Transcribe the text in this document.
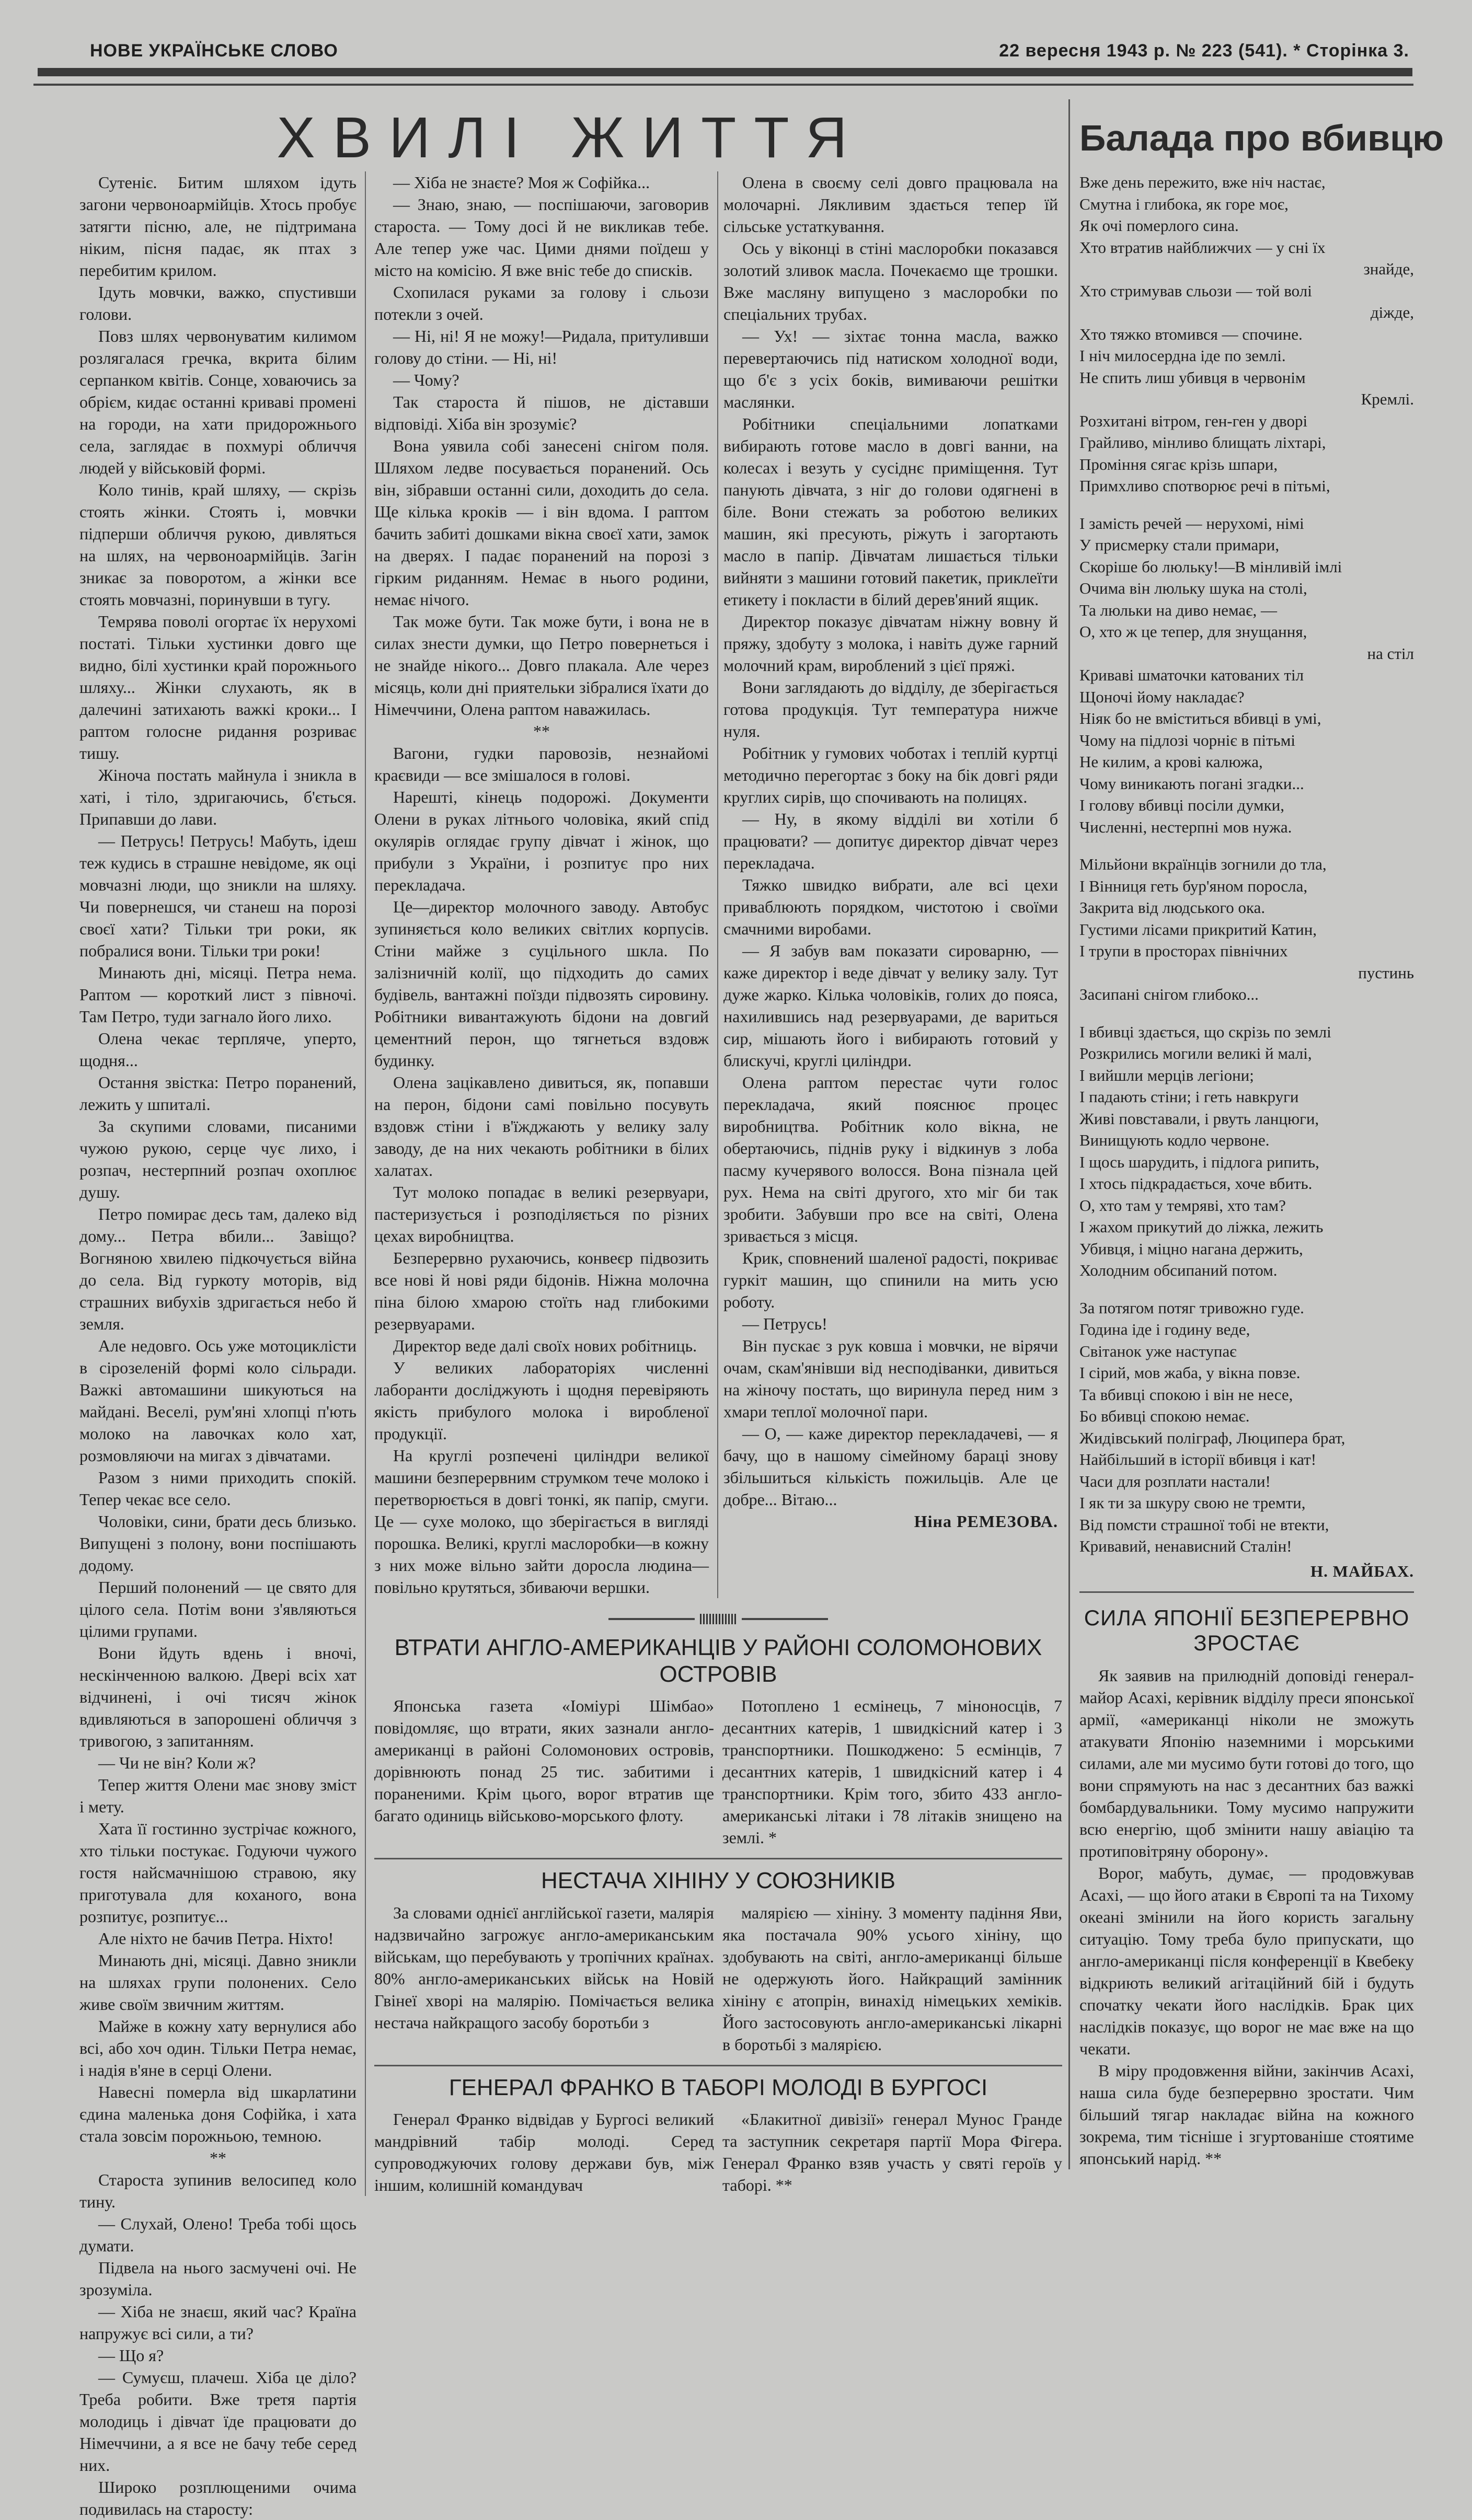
НОВЕ УКРАЇНСЬКЕ СЛОВО	22 вересня 1943 р. № 223 (541). * Сторінка 3.
ХВИЛІ ЖИТТЯ

Сутеніє. Битим шляхом ідуть загони червоноармійців. Хтось пробує затягти пісню, але, не підтримана ніким, пісня падає, як птах з перебитим крилом.

Ідуть мовчки, важко, спустивши голови.

Повз шлях червонуватим килимом розлягалася гречка, вкрита білим серпанком квітів. Сонце, ховаючись за обрієм, кидає останні криваві промені на городи, на хати придорожнього села, заглядає в похмурі обличчя людей у військовій формі.

Коло тинів, край шляху, — скрізь стоять жінки. Стоять і, мовчки підперши обличчя рукою, дивляться на шлях, на червоноармійців. Загін зникає за поворотом, а жінки все стоять мовчазні, поринувши в тугу.

Темрява поволі огортає їх нерухомі постаті. Тільки хустинки довго ще видно, білі хустинки край порожнього шляху... Жінки слухають, як в далечині затихають важкі кроки... І раптом голосне ридання розриває тишу.

Жіноча постать майнула і зникла в хаті, і тіло, здригаючись, б'ється. Припавши до лави.

— Петрусь! Петрусь! Мабуть, ідеш теж кудись в страшне невідоме, як оці мовчазні люди, що зникли на шляху. Чи повернешся, чи станеш на порозі своєї хати? Тільки три роки, як побралися вони. Тільки три роки!

Минають дні, місяці. Петра нема. Раптом — короткий лист з півночі. Там Петро, туди загнало його лихо.

Олена чекає терпляче, уперто, щодня...

Остання звістка: Петро поранений, лежить у шпиталі.

За скупими словами, писаними чужою рукою, серце чує лихо, і розпач, нестерпний розпач охоплює душу.

Петро помирає десь там, далеко від дому... Петра вбили... Завіщо? Вогняною хвилею підкочується війна до села. Від гуркоту моторів, від страшних вибухів здригається небо й земля.

Але недовго. Ось уже мотоциклісти в сірозеленій формі коло сільради. Важкі автомашини шикуються на майдані. Веселі, рум'яні хлопці п'ють молоко на лавочках коло хат, розмовляючи на мигах з дівчатами.

Разом з ними приходить спокій. Тепер чекає все село.

Чоловіки, сини, брати десь близько. Випущені з полону, вони поспішають додому.

Перший полонений — це свято для цілого села. Потім вони з'являються цілими групами.

Вони йдуть вдень і вночі, нескінченною валкою. Двері всіх хат відчинені, і очі тисяч жінок вдивляються в запорошені обличчя з тривогою, з запитанням.

— Чи не він? Коли ж?

Тепер життя Олени має знову зміст і мету.

Хата її гостинно зустрічає кожного, хто тільки постукає. Годуючи чужого гостя найсмачнішою стравою, яку приготувала для коханого, вона розпитує, розпитує...

Але ніхто не бачив Петра. Ніхто!

Минають дні, місяці. Давно зникли на шляхах групи полонених. Село живе своїм звичним життям.

Майже в кожну хату вернулися або всі, або хоч один. Тільки Петра немає, і надія в'яне в серці Олени.

Навесні померла від шкарлатини єдина маленька доня Софійка, і хата стала зовсім порожньою, темною.

**

Староста зупинив велосипед коло тину.

— Слухай, Олено! Треба тобі щось думати.

Підвела на нього засмучені очі. Не зрозуміла.

— Хіба не знаєш, який час? Країна напружує всі сили, а ти?

— Що я?

— Сумуєш, плачеш. Хіба це діло? Треба робити. Вже третя партія молодиць і дівчат їде працювати до Німеччини, а я все не бачу тебе серед них.

Широко розплющеними очима подивилась на старосту:

— Хіба не знаєте? Моя ж Софійка...

— Знаю, знаю, — поспішаючи, заговорив староста. — Тому досі й не викликав тебе. Але тепер уже час. Цими днями поїдеш у місто на комісію. Я вже вніс тебе до списків.

Схопилася руками за голову і сльози потекли з очей.

— Ні, ні! Я не можу!—Ридала, притуливши голову до стіни. — Ні, ні!

— Чому?

Так староста й пішов, не діставши відповіді. Хіба він зрозуміє?

Вона уявила собі занесені снігом поля. Шляхом ледве посувається поранений. Ось він, зібравши останні сили, доходить до села. Ще кілька кроків — і він вдома. І раптом бачить забиті дошками вікна своєї хати, замок на дверях. І падає поранений на порозі з гірким риданням. Немає в нього родини, немає нічого.

Так може бути. Так може бути, і вона не в силах знести думки, що Петро повернеться і не знайде нікого... Довго плакала. Але через місяць, коли дні приятельки зібралися їхати до Німеччини, Олена раптом наважилась.

**

Вагони, гудки паровозів, незнайомі краєвиди — все змішалося в голові.

Нарешті, кінець подорожі. Документи Олени в руках літнього чоловіка, який спід окулярів оглядає групу дівчат і жінок, що прибули з України, і розпитує про них перекладача.

Це—директор молочного заводу. Автобус зупиняється коло великих світлих корпусів. Стіни майже з суцільного шкла. По залізничній колії, що підходить до самих будівель, вантажні поїзди підвозять сировину. Робітники вивантажують бідони на довгий цементний перон, що тягнеться вздовж будинку.

Олена зацікавлено дивиться, як, попавши на перон, бідони самі повільно посувуть вздовж стіни і в'їжджають у велику залу заводу, де на них чекають робітники в білих халатах.

Тут молоко попадає в великі резервуари, пастеризується і розподіляється по різних цехах виробництва.

Безперервно рухаючись, конвеєр підвозить все нові й нові ряди бідонів. Ніжна молочна піна білою хмарою стоїть над глибокими резервуарами.

Директор веде далі своїх нових робітниць.

У великих лабораторіях численні лаборанти досліджують і щодня перевіряють якість прибулого молока і виробленої продукції.

На круглі розпечені циліндри великої машини безперервним струмком тече молоко і перетворюється в довгі тонкі, як папір, смуги. Це — сухе молоко, що зберігається в вигляді порошка. Великі, круглі маслоробки—в кожну з них може вільно зайти доросла людина—повільно крутяться, збиваючи вершки.

Олена в своєму селі довго працювала на молочарні. Лякливим здається тепер їй сільське устаткування.

Ось у віконці в стіні маслоробки показався золотий зливок масла. Почекаємо ще трошки. Вже масляну випущено з маслоробки по спеціальних трубах.

— Ух! — зіхтає тонна масла, важко перевертаючись під натиском холодної води, що б'є з усіх боків, вимиваючи решітки маслянки.

Робітники спеціальними лопатками вибирають готове масло в довгі ванни, на колесах і везуть у сусіднє приміщення. Тут панують дівчата, з ніг до голови одягнені в біле. Вони стежать за роботою великих машин, які пресують, ріжуть і загортають масло в папір. Дівчатам лишається тільки вийняти з машини готовий пакетик, приклеїти етикету і покласти в білий дерев'яний ящик.

Директор показує дівчатам ніжну вовну й пряжу, здобуту з молока, і навіть дуже гарний молочний крам, вироблений з цієї пряжі.

Вони заглядають до відділу, де зберігається готова продукція. Тут температура нижче нуля.

Робітник у гумових чоботах і теплій куртці методично перегортає з боку на бік довгі ряди круглих сирів, що спочивають на полицях.

— Ну, в якому відділі ви хотіли б працювати? — допитує директор дівчат через перекладача.

Тяжко швидко вибрати, але всі цехи приваблюють порядком, чистотою і своїми смачними виробами.

— Я забув вам показати сироварню, — каже директор і веде дівчат у велику залу. Тут дуже жарко. Кілька чоловіків, голих до пояса, нахилившись над резервуарами, де вариться сир, мішають його і вибирають готовий у блискучі, круглі циліндри.

Олена раптом перестає чути голос перекладача, який пояснює процес виробництва. Робітник коло вікна, не обертаючись, піднів руку і відкинув з лоба пасму кучерявого волосся. Вона пізнала цей рух. Нема на світі другого, хто міг би так зробити. Забувши про все на світі, Олена зривається з місця.

Крик, сповнений шаленої радості, покриває гуркіт машин, що спинили на мить усю роботу.

— Петрусь!

Він пускає з рук ковша і мовчки, не вірячи очам, скам'янівши від несподіванки, дивиться на жіночу постать, що виринула перед ним з хмари теплої молочної пари.

— О, — каже директор перекладачеві, — я бачу, що в нашому сімейному бараці знову збільшиться кількість пожильців. Але це добре... Вітаю...

Ніна РЕМЕЗОВА.
ВТРАТИ АНГЛО-АМЕРИКАНЦІВ У РАЙОНІ СОЛОМОНОВИХ ОСТРОВІВ

Японська газета «Іоміурі Шімбао» повідомляє, що втрати, яких зазнали англо-американці в районі Соломонових островів, дорівнюють понад 25 тис. забитими і пораненими. Крім цього, ворог втратив ще багато одиниць військово-морського флоту.

Потоплено 1 есмінець, 7 міноносців, 7 десантних катерів, 1 швидкісний катер і 3 транспортники. Пошкоджено: 5 есмінців, 7 десантних катерів, 1 швидкісний катер і 4 транспортники. Крім того, збито 433 англо-американські літаки і 78 літаків знищено на землі. *

НЕСТАЧА ХІНІНУ У СОЮЗНИКІВ

За словами однієї англійської газети, малярія надзвичайно загрожує англо-американським військам, що перебувають у тропічних країнах. 80% англо-американських військ на Новій Гвінеї хворі на малярію. Помічається велика нестача найкращого засобу боротьби з

малярією — хініну. З моменту падіння Яви, яка постачала 90% усього хініну, що здобувають на світі, англо-американці більше не одержують його. Найкращий замінник хініну є атопрін, винахід німецьких хеміків. Його застосовують англо-американські лікарні в боротьбі з малярією.

ГЕНЕРАЛ ФРАНКО В ТАБОРІ МОЛОДІ В БУРГОСІ

Генерал Франко відвідав у Бургосі великий мандрівний табір молоді. Серед супроводжуючих голову держави був, між іншим, колишній командувач

«Блакитної дивізії» генерал Мунос Гранде та заступник секретаря партії Мора Фігера. Генерал Франко взяв участь у святі героїв у таборі. **

Балада про вбивцю
Вже день пережито, вже ніч настає,
Смутна і глибока, як горе моє,
Як очі померлого сина.
Хто втратив найближчих — у сні їх
знайде,
Хто стримував сльози — той волі
діжде,
Хто тяжко втомився — спочине.
І ніч милосердна іде по землі.
Не спить лиш убивця в червонім
Кремлі.
Розхитані вітром, ген-ген у дворі
Грайливо, мінливо блищать ліхтарі,
Проміння сягає крізь шпари,
Примхливо спотворює речі в пітьмі,
І замість речей — нерухомі, німі
У присмерку стали примари,
Скоріше бо люльку!—В мінливій імлі
Очима він люльку шука на столі,
Та люльки на диво немає, —
О, хто ж це тепер, для знущання,
на стіл
Криваві шматочки катованих тіл
Щоночі йому накладає?
Ніяк бо не вміститься вбивці в умі,
Чому на підлозі чорніє в пітьмі
Не килим, а крові калюжа,
Чому виникають погані згадки...
І голову вбивці посіли думки,
Численні, нестерпні мов нужа.
Мільйони вкраїнців зогнили до тла,
І Вінниця геть бур'яном поросла,
Закрита від людського ока.
Густими лісами прикритий Катин,
І трупи в просторах північних
пустинь
Засипані снігом глибоко...
І вбивці здається, що скрізь по землі
Розкрились могили великі й малі,
І вийшли мерців легіони;
І падають стіни; і геть навкруги
Живі повставали, і рвуть ланцюги,
Винищують кодло червоне.
І щось шарудить, і підлога рипить,
І хтось підкрадається, хоче вбить.
О, хто там у темряві, хто там?
І жахом прикутий до ліжка, лежить
Убивця, і міцно нагана держить,
Холодним обсипаний потом.
За потягом потяг тривожно гуде.
Година іде і годину веде,
Світанок уже наступає
І сірий, мов жаба, у вікна повзе.
Та вбивці спокою і він не несе,
Бо вбивці спокою немає.
Жидівський поліграф, Люципера брат,
Найбільший в історії вбивця і кат!
Часи для розплати настали!
І як ти за шкуру свою не тремти,
Від помсти страшної тобі не втекти,
Кривавий, ненависний Сталін!
Н. МАЙБАХ.
СИЛА ЯПОНІЇ БЕЗПЕРЕРВНО ЗРОСТАЄ

Як заявив на прилюдній доповіді генерал-майор Асахі, керівник відділу преси японської армії, «американці ніколи не зможуть атакувати Японію наземними і морськими силами, але ми мусимо бути готові до того, що вони спрямують на нас з десантних баз важкі бомбардувальники. Тому мусимо напружити всю енергію, щоб змінити нашу авіацію та протиповітряну оборону».

Ворог, мабуть, думає, — продовжував Асахі, — що його атаки в Європі та на Тихому океані змінили на його користь загальну ситуацію. Тому треба було припускати, що англо-американці після конференції в Квебеку відкриють великий агітаційний бій і будуть спочатку чекати його наслідків. Брак цих наслідків показує, що ворог не має вже на що чекати.

В міру продовження війни, закінчив Асахі, наша сила буде безперервно зростати. Чим більший тягар накладає війна на кожного зокрема, тим тісніше і згуртованіше стоятиме японський нарід. **
